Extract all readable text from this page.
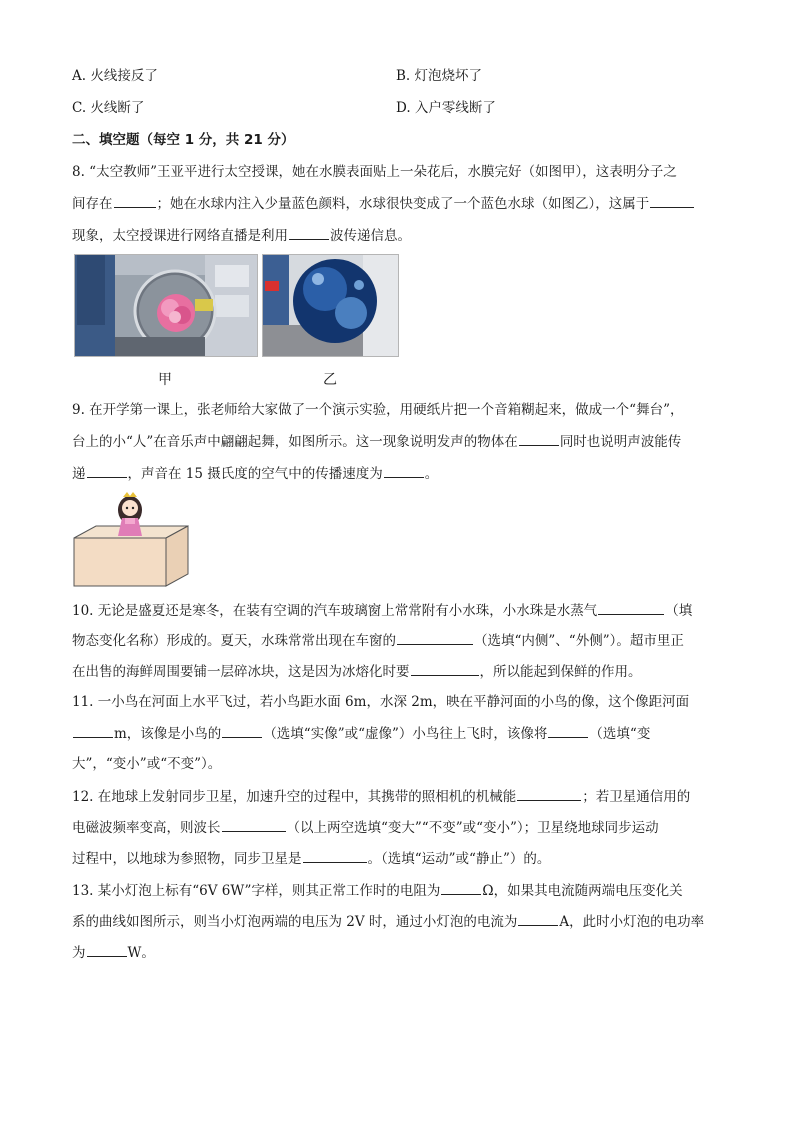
A. 火线接反了	B. 灯泡烧坏了
C. 火线断了	D. 入户零线断了
二、填空题（每空 1 分，共 21 分）
8. “太空教师”王亚平进行太空授课，她在水膜表面贴上一朵花后，水膜完好（如图甲），这表明分子之
间存在	；她在水球内注入少量蓝色颜料，水球很快变成了一个蓝色水球（如图乙），这属于
现象，太空授课进行网络直播是利用	波传递信息。
甲	乙
9. 在开学第一课上，张老师给大家做了一个演示实验，用硬纸片把一个音箱糊起来，做成一个“舞台”，
台上的小“人”在音乐声中翩翩起舞，如图所示。这一现象说明发声的物体在	同时也说明声波能传
递	，声音在 15 摄氏度的空气中的传播速度为	。
10. 无论是盛夏还是寒冬，在装有空调的汽车玻璃窗上常常附有小水珠，小水珠是水蒸气	（填
物态变化名称）形成的。夏天，水珠常常出现在车窗的	（选填“内侧”、“外侧”）。超市里正
在出售的海鲜周围要铺一层碎冰块，这是因为冰熔化时要	，所以能起到保鲜的作用。
11. 一小鸟在河面上水平飞过，若小鸟距水面 6m，水深 2m，映在平静河面的小鸟的像，这个像距河面
m，该像是小鸟的	（选填“实像”或“虚像”）小鸟往上飞时，该像将	（选填“变
大”，“变小”或“不变”）。
12. 在地球上发射同步卫星，加速升空的过程中，其携带的照相机的机械能	；若卫星通信用的
电磁波频率变高，则波长	（以上两空选填“变大”“不变”或“变小”）；卫星绕地球同步运动
过程中，以地球为参照物，同步卫星是	。（选填“运动”或“静止”）的。
13. 某小灯泡上标有“6V 6W”字样，则其正常工作时的电阻为	Ω，如果其电流随两端电压变化关
系的曲线如图所示，则当小灯泡两端的电压为 2V 时，通过小灯泡的电流为	A，此时小灯泡的电功率
为	W。
